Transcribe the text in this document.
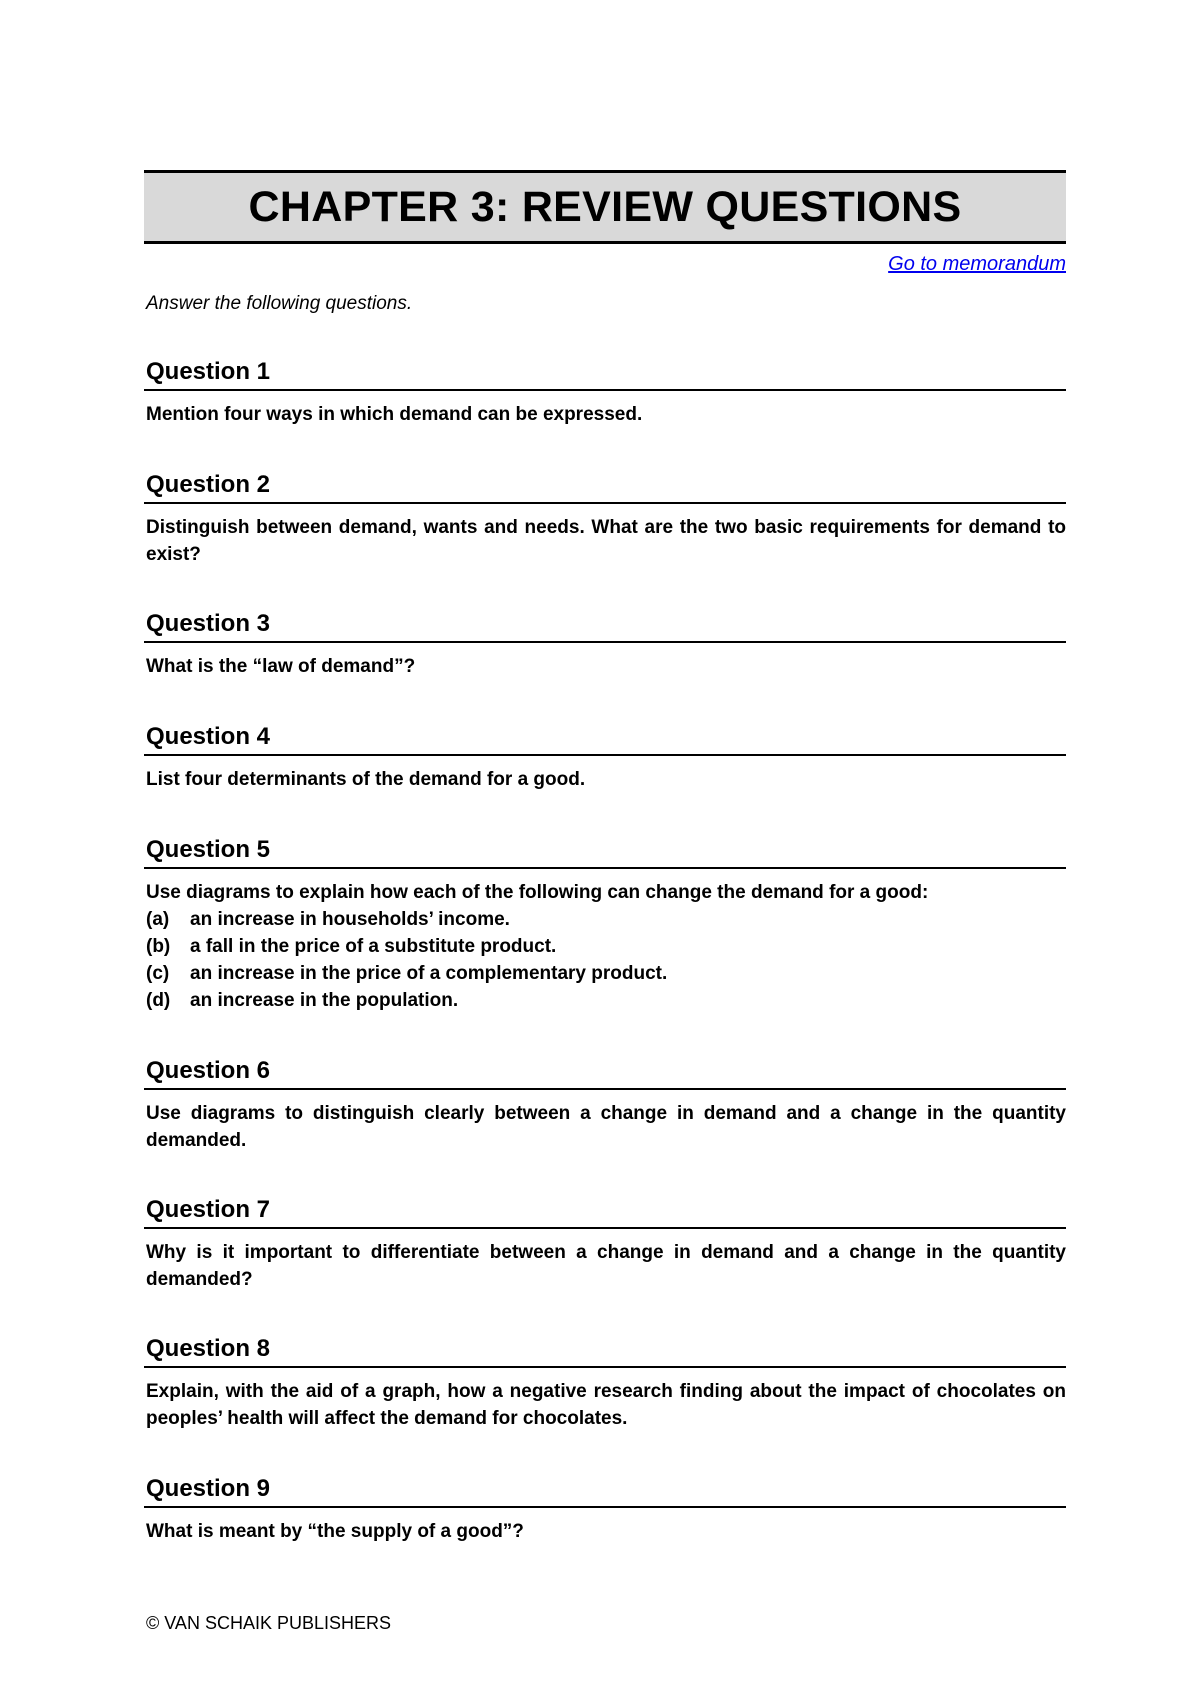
CHAPTER 3: REVIEW QUESTIONS
Go to memorandum
Answer the following questions.
Question 1
Mention four ways in which demand can be expressed.
Question 2
Distinguish between demand, wants and needs. What are the two basic requirements for demand to exist?
Question 3
What is the “law of demand”?
Question 4
List four determinants of the demand for a good.
Question 5
Use diagrams to explain how each of the following can change the demand for a good:
(a)	an increase in households’ income.
(b)	a fall in the price of a substitute product.
(c)	an increase in the price of a complementary product.
(d)	an increase in the population.
Question 6
Use diagrams to distinguish clearly between a change in demand and a change in the quantity demanded.
Question 7
Why is it important to differentiate between a change in demand and a change in the quantity demanded?
Question 8
Explain, with the aid of a graph, how a negative research finding about the impact of chocolates on peoples’ health will affect the demand for chocolates.
Question 9
What is meant by “the supply of a good”?
© VAN SCHAIK PUBLISHERS
